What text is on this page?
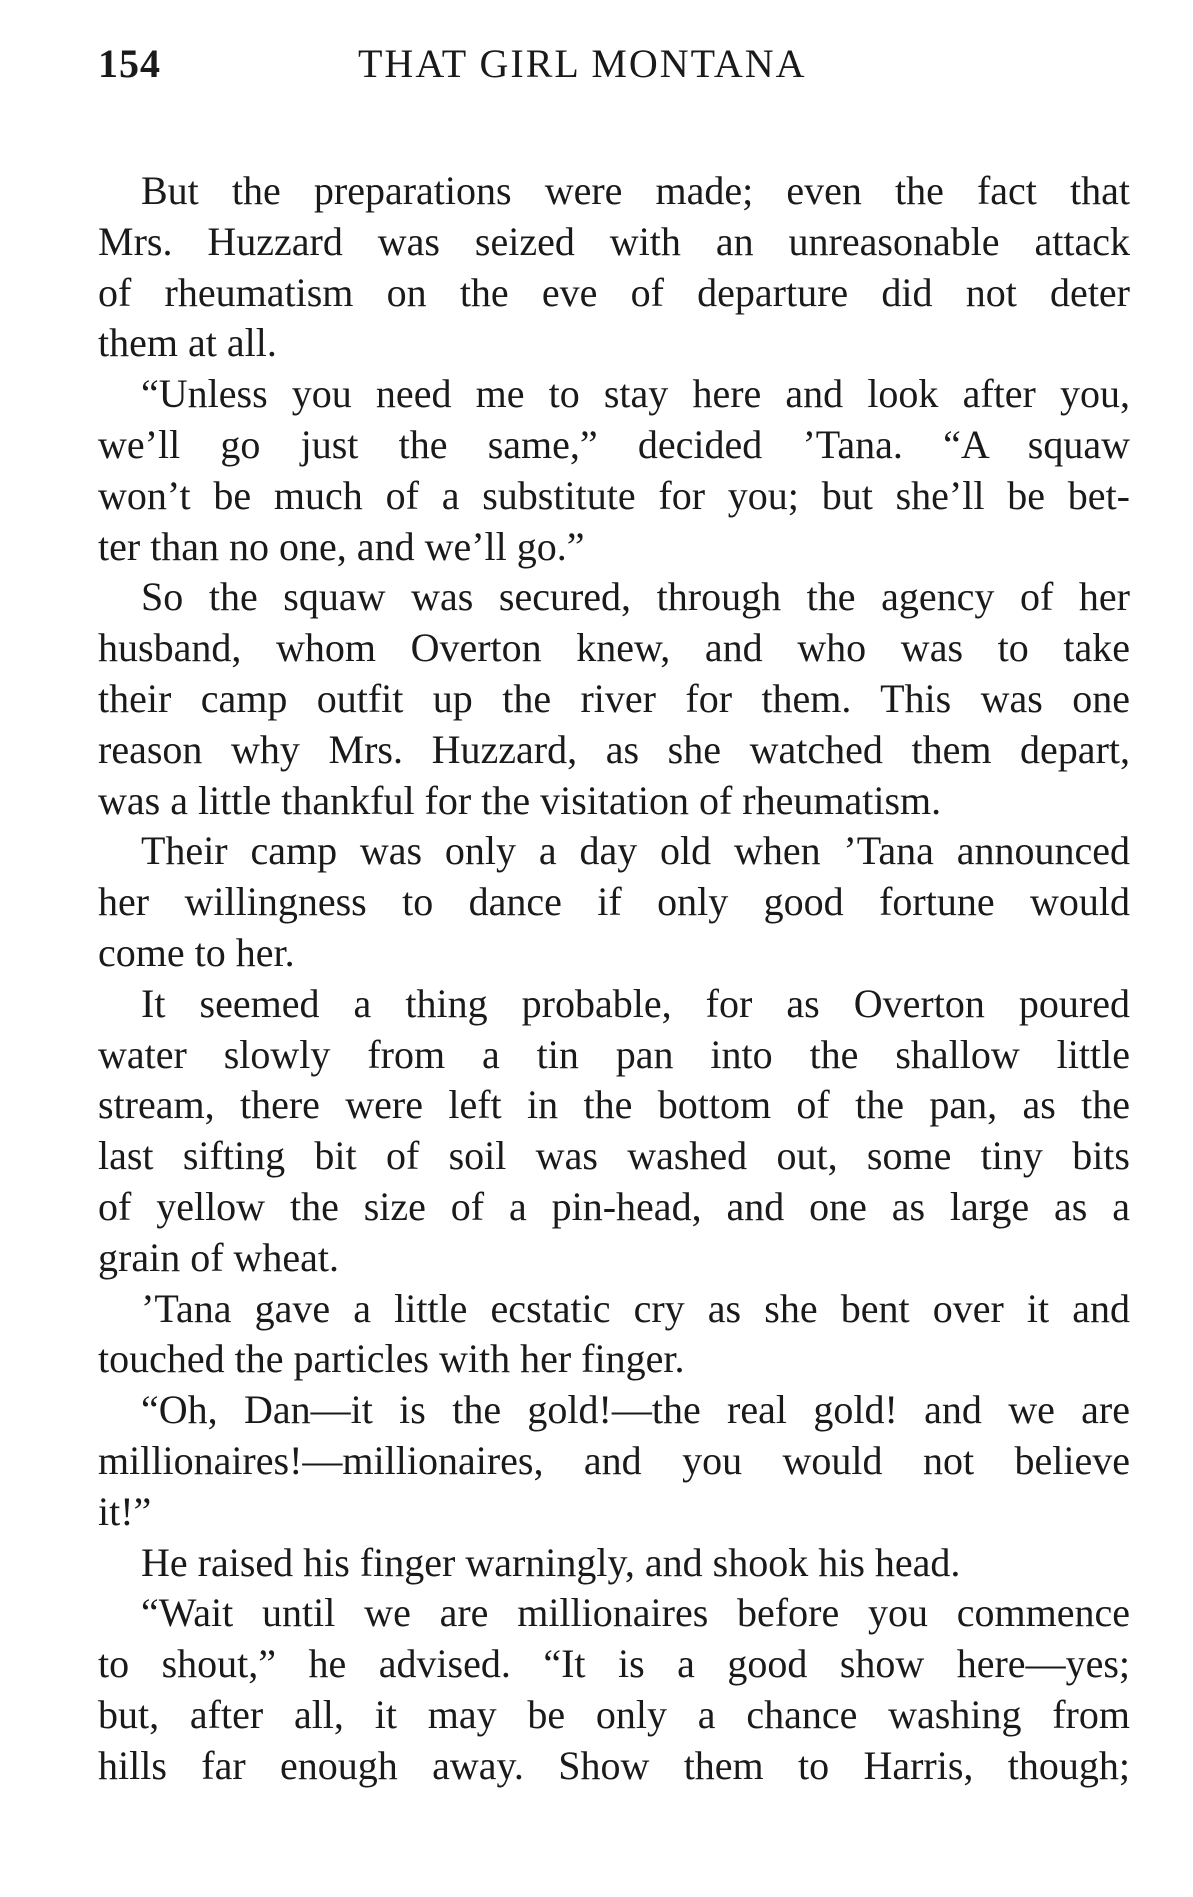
154	THAT GIRL MONTANA
But the preparations were made; even the fact that
Mrs. Huzzard was seized with an unreasonable attack
of rheumatism on the eve of departure did not deter
them at all.
“Unless you need me to stay here and look after you,
we’ll go just the same,” decided ’Tana. “A squaw
won’t be much of a substitute for you; but she’ll be bet-
ter than no one, and we’ll go.”
So the squaw was secured, through the agency of her
husband, whom Overton knew, and who was to take
their camp outfit up the river for them. This was one
reason why Mrs. Huzzard, as she watched them depart,
was a little thankful for the visitation of rheumatism.
Their camp was only a day old when ’Tana announced
her willingness to dance if only good fortune would
come to her.
It seemed a thing probable, for as Overton poured
water slowly from a tin pan into the shallow little
stream, there were left in the bottom of the pan, as the
last sifting bit of soil was washed out, some tiny bits
of yellow the size of a pin-head, and one as large as a
grain of wheat.
’Tana gave a little ecstatic cry as she bent over it and
touched the particles with her finger.
“Oh, Dan—it is the gold!—the real gold! and we are
millionaires!—millionaires, and you would not believe
it!”
He raised his finger warningly, and shook his head.
“Wait until we are millionaires before you commence
to shout,” he advised. “It is a good show here—yes;
but, after all, it may be only a chance washing from
hills far enough away. Show them to Harris, though;
